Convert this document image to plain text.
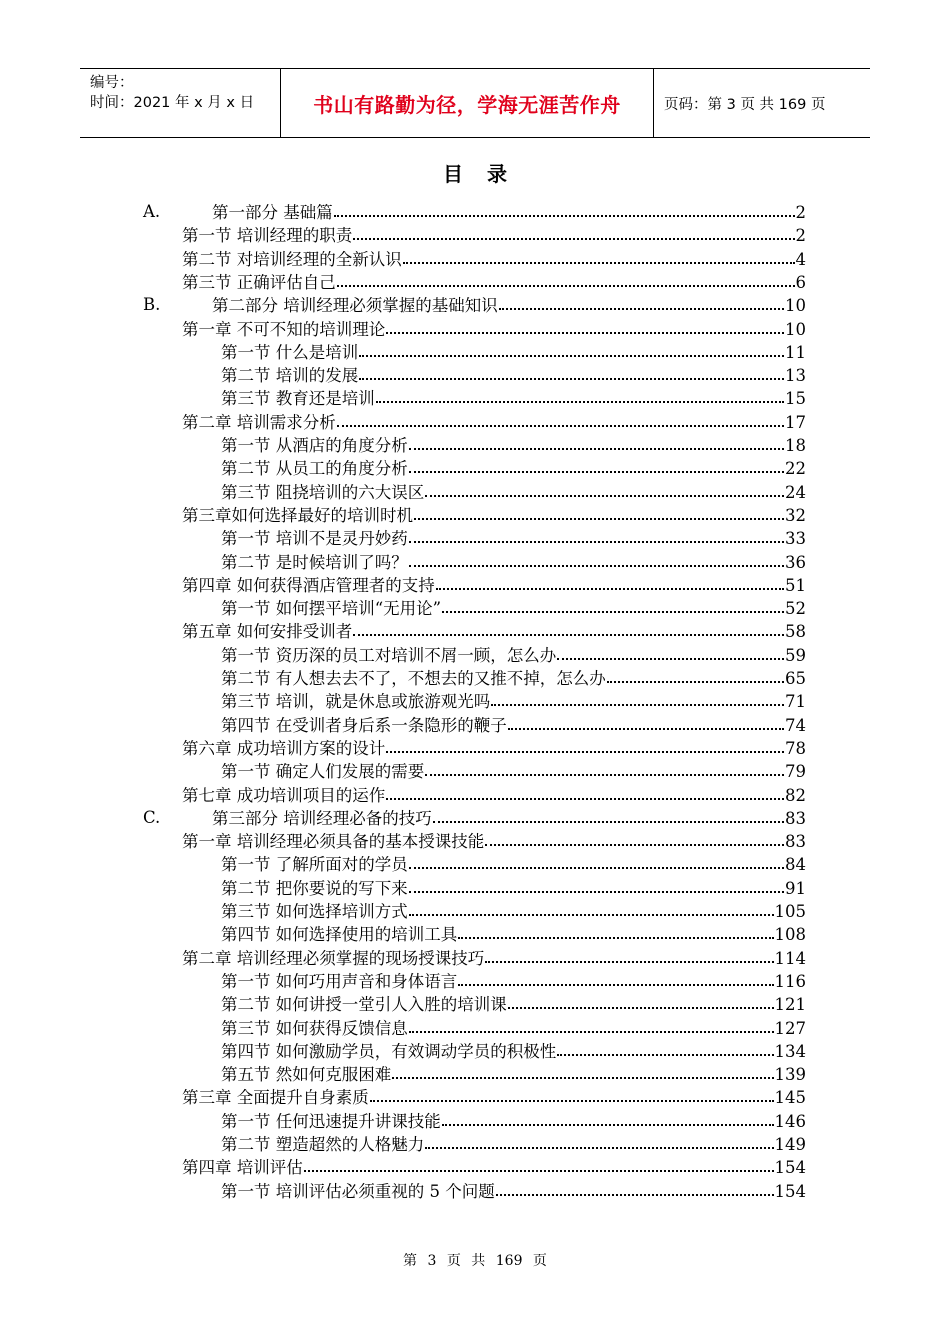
编号：
时间：2021 年 x 月 x 日	书山有路勤为径，学海无涯苦作舟	页码：第 3 页 共 169 页
目录
A.	第一部分 基础篇	2
第一节 培训经理的职责	2
第二节 对培训经理的全新认识	4
第三节 正确评估自己	6
B.	第二部分 培训经理必须掌握的基础知识	10
第一章 不可不知的培训理论	10
第一节 什么是培训	11
第二节 培训的发展	13
第三节 教育还是培训	15
第二章 培训需求分析	17
第一节 从酒店的角度分析	18
第二节 从员工的角度分析	22
第三节 阻挠培训的六大误区	24
第三章如何选择最好的培训时机	32
第一节 培训不是灵丹妙药	33
第二节 是时候培训了吗？	36
第四章 如何获得酒店管理者的支持	51
第一节 如何摆平培训“无用论”	52
第五章 如何安排受训者	58
第一节 资历深的员工对培训不屑一顾，怎么办	59
第二节 有人想去去不了，不想去的又推不掉，怎么办	65
第三节 培训，就是休息或旅游观光吗	71
第四节 在受训者身后系一条隐形的鞭子	74
第六章 成功培训方案的设计	78
第一节 确定人们发展的需要	79
第七章 成功培训项目的运作	82
C.	第三部分 培训经理必备的技巧	83
第一章 培训经理必须具备的基本授课技能	83
第一节 了解所面对的学员	84
第二节 把你要说的写下来	91
第三节 如何选择培训方式	105
第四节 如何选择使用的培训工具	108
第二章 培训经理必须掌握的现场授课技巧	114
第一节 如何巧用声音和身体语言	116
第二节 如何讲授一堂引人入胜的培训课	121
第三节 如何获得反馈信息	127
第四节 如何激励学员，有效调动学员的积极性	134
第五节 然如何克服困难	139
第三章 全面提升自身素质	145
第一节 任何迅速提升讲课技能	146
第二节 塑造超然的人格魅力	149
第四章 培训评估	154
第一节 培训评估必须重视的 5 个问题	154
第 3 页 共 169 页
